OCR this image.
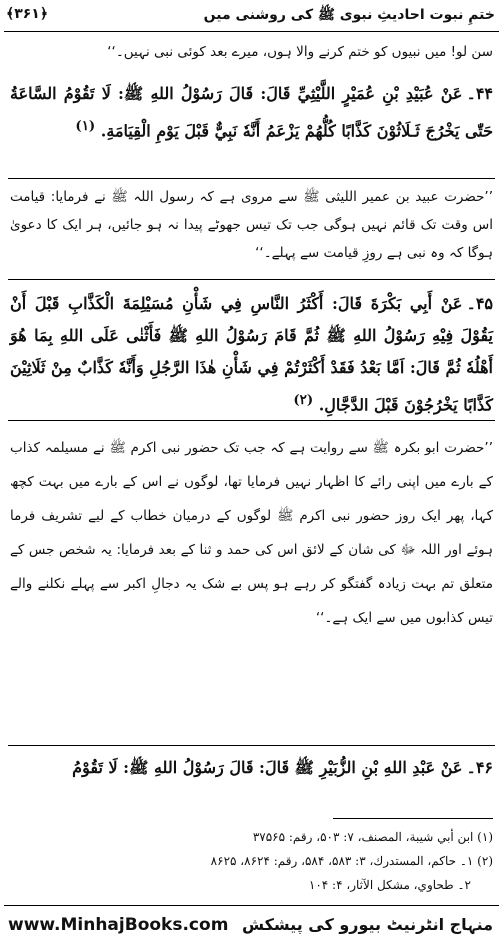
﴾۳۶۱﴿	ختمِ نبوت احادیثِ نبوی ﷺ کی روشنی میں
سن لو! میں نبیوں کو ختم کرنے والا ہوں، میرے بعد کوئی نبی نہیں۔‘‘
۴۴۔عَنْ عُبَيْدِ بْنِ عُمَيْرٍ اللَّيْثِيِّ قَالَ: قَالَ رَسُوْلُ اللهِ ﷺ: لَا تَقُوْمُ السَّاعَةُ حَتّٰى يَخْرُجَ ثَـلَاثُوْنَ كَذَّابًا كُلُّهُمْ يَزْعَمُ أَنَّهٗ نَبِيٌّ قَبْلَ يَوْمِ الْقِيَامَةِ. $^{(۱)}$
’’حضرت عبید بن عمیر اللیثی ﷺ سے مروی ہے کہ رسول اللہ ﷺ نے فرمایا: قیامت اس وقت تک قائم نہیں ہوگی جب تک تیس جھوٹے پیدا نہ ہو جائیں، ہر ایک کا دعویٰ ہوگا کہ وہ نبی ہے روزِ قیامت سے پہلے۔‘‘
۴۵۔عَنْ أَبِي بَكْرَةَ قَالَ: أَكْثَرُ النَّاسِ فِي شَأْنِ مُسَيْلِمَةَ الْكَذَّابِ قَبْلَ أَنْ يَقُوْلَ فِيْهِ رَسُوْلُ اللهِ ﷺ ثُمَّ قَامَ رَسُوْلُ اللهِ ﷺ فَأَثْنٰى عَلَى اللهِ بِمَا هُوَ أَهْلُهٗ ثُمَّ قَالَ: اَمَّا بَعْدُ فَقَدْ أَكْثَرْتُمْ فِي شَأْنِ هٰذَا الرَّجُلِ وَأَنَّهٗ كَذَّابٌ مِنْ ثَلَاثِيْنَ كَذَّابًا يَخْرُجُوْنَ قَبْلَ الدَّجَّالِ. $^{(۲)}$
’’حضرت ابو بکرہ ﷺ سے روایت ہے کہ جب تک حضور نبی اکرم ﷺ نے مسیلمہ کذاب کے بارے میں اپنی رائے کا اظہار نہیں فرمایا تھا، لوگوں نے اس کے بارے میں بہت کچھ کہا، پھر ایک روز حضور نبی اکرم ﷺ لوگوں کے درمیان خطاب کے لیے تشریف فرما ہوئے اور اللہ ﷻ کی شان کے لائق اس کی حمد و ثنا کے بعد فرمایا: یہ شخص جس کے متعلق تم بہت زیادہ گفتگو کر رہے ہو پس بے شک یہ دجالِ اکبر سے پہلے نکلنے والے تیس کذابوں میں سے ایک ہے۔‘‘
۴۶۔عَنْ عَبْدِ اللهِ بْنِ الزُّبَيْرِ ﷺ قَالَ: قَالَ رَسُوْلُ اللهِ ﷺ: لَا تَقُوْمُ
(۱) ابن أبي شيبة، المصنف، ۷: ۵۰۳، رقم: ۳۷۵۶۵
(۲) ۱۔ حاكم، المستدرك، ۳: ۵۸۳، ۵۸۴، رقم: ۸۶۲۴، ۸۶۲۵
۲۔ طحاوي، مشكل الآثار، ۴: ۱۰۴
www.MinhajBooks.com منہاج انٹرنیٹ بیورو کی پیشکش
